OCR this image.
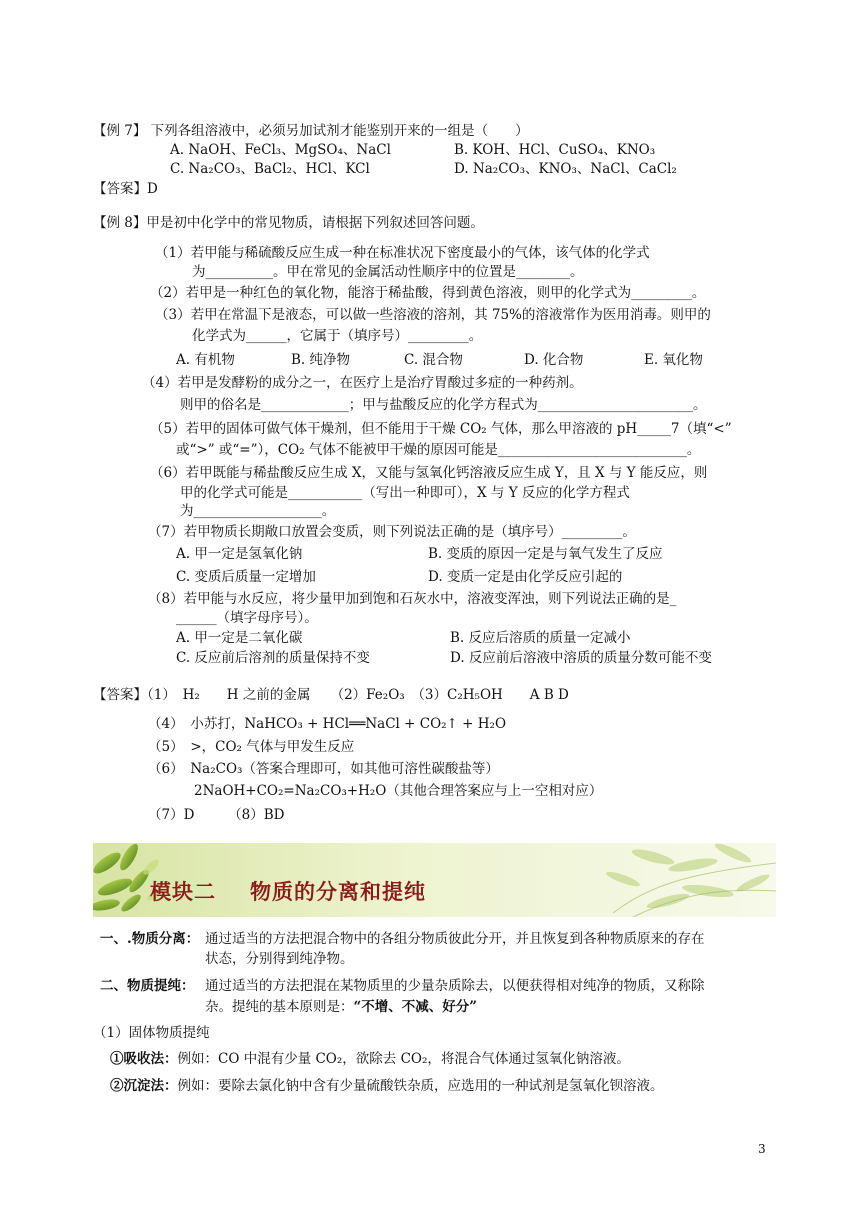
【例 7】 下列各组溶液中，必须另加试剂才能鉴别开来的一组是（　　）
A. NaOH、FeCl₃、MgSO₄、NaCl	B. KOH、HCl、CuSO₄、KNO₃
C. Na₂CO₃、BaCl₂、HCl、KCl	D. Na₂CO₃、KNO₃、NaCl、CaCl₂
【答案】D
【例 8】甲是初中化学中的常见物质，请根据下列叙述回答问题。
（1）若甲能与稀硫酸反应生成一种在标准状况下密度最小的气体，该气体的化学式
为__________。甲在常见的金属活动性顺序中的位置是________。
（2）若甲是一种红色的氧化物，能溶于稀盐酸，得到黄色溶液，则甲的化学式为_________。
（3）若甲在常温下是液态，可以做一些溶液的溶剂，其 75%的溶液常作为医用消毒。则甲的
化学式为______，它属于（填序号）_________。
A. 有机物	B. 纯净物	C. 混合物	D. 化合物	E. 氧化物
（4）若甲是发酵粉的成分之一，在医疗上是治疗胃酸过多症的一种药剂。
则甲的俗名是_____________；甲与盐酸反应的化学方程式为_______________________。
（5）若甲的固体可做气体干燥剂，但不能用于干燥 CO₂ 气体，那么甲溶液的 pH_____7（填“<”
或“>” 或“=”），CO₂ 气体不能被甲干燥的原因可能是____________________________。
（6）若甲既能与稀盐酸反应生成 X，又能与氢氧化钙溶液反应生成 Y，且 X 与 Y 能反应，则
甲的化学式可能是___________（写出一种即可），X 与 Y 反应的化学方程式
为___________________。
（7）若甲物质长期敞口放置会变质，则下列说法正确的是（填序号）_________。
A. 甲一定是氢氧化钠	B. 变质的原因一定是与氧气发生了反应
C. 变质后质量一定增加	D. 变质一定是由化学反应引起的
（8）若甲能与水反应，将少量甲加到饱和石灰水中，溶液变浑浊，则下列说法正确的是_
______（填字母序号）。
A. 甲一定是二氧化碳	B. 反应后溶质的质量一定减小
C. 反应前后溶剂的质量保持不变	D. 反应前后溶液中溶质的质量分数可能不变
【答案】（1）　H₂　　H 之前的金属　　（2）Fe₂O₃　（3）C₂H₅OH　　A B D
（4）　小苏打，NaHCO₃ + HCl══NaCl + CO₂↑ + H₂O
（5）　>，CO₂ 气体与甲发生反应
（6）　Na₂CO₃（答案合理即可，如其他可溶性碳酸盐等）
2NaOH+CO₂=Na₂CO₃+H₂O（其他合理答案应与上一空相对应）
（7）D　　　（8）BD
模块二 物质的分离和提纯
一、.物质分离： 通过适当的方法把混合物中的各组分物质彼此分开，并且恢复到各种物质原来的存在
状态，分别得到纯净物。
二、物质提纯： 通过适当的方法把混在某物质里的少量杂质除去，以便获得相对纯净的物质，又称除
杂。提纯的基本原则是：“不增、不减、好分”
（1）固体物质提纯
①吸收法：例如：CO 中混有少量 CO₂，欲除去 CO₂，将混合气体通过氢氧化钠溶液。
②沉淀法：例如：要除去氯化钠中含有少量硫酸铁杂质，应选用的一种试剂是氢氧化钡溶液。
3
